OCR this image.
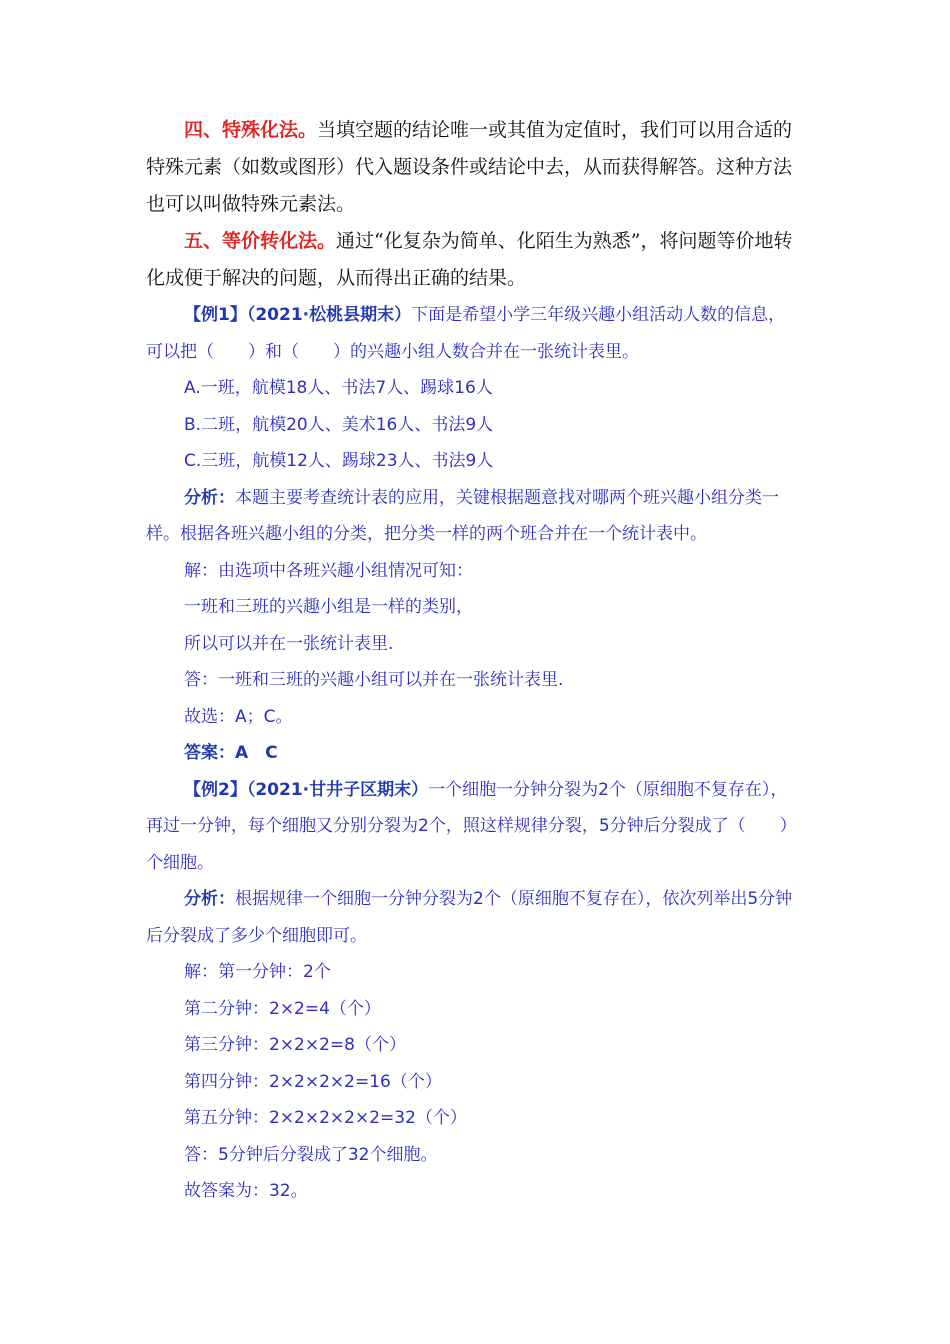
四、特殊化法。当填空题的结论唯一或其值为定值时，我们可以用合适的特殊元素（如数或图形）代入题设条件或结论中去，从而获得解答。这种方法也可以叫做特殊元素法。

五、等价转化法。通过“化复杂为简单、化陌生为熟悉”，将问题等价地转化成便于解决的问题，从而得出正确的结果。

【例1】（2021·松桃县期末）下面是希望小学三年级兴趣小组活动人数的信息，可以把（　　）和（　　）的兴趣小组人数合并在一张统计表里。

A.一班，航模18人、书法7人、踢球16人

B.二班，航模20人、美术16人、书法9人

C.三班，航模12人、踢球23人、书法9人

分析：本题主要考查统计表的应用，关键根据题意找对哪两个班兴趣小组分类一样。根据各班兴趣小组的分类，把分类一样的两个班合并在一个统计表中。

解：由选项中各班兴趣小组情况可知：

一班和三班的兴趣小组是一样的类别，

所以可以并在一张统计表里.

答：一班和三班的兴趣小组可以并在一张统计表里.

故选：A；C。

答案：A　C

【例2】（2021·甘井子区期末）一个细胞一分钟分裂为2个（原细胞不复存在），再过一分钟，每个细胞又分别分裂为2个，照这样规律分裂，5分钟后分裂成了（　　）个细胞。

分析：根据规律一个细胞一分钟分裂为2个（原细胞不复存在），依次列举出5分钟后分裂成了多少个细胞即可。

解：第一分钟：2个

第二分钟：2×2=4（个）

第三分钟：2×2×2=8（个）

第四分钟：2×2×2×2=16（个）

第五分钟：2×2×2×2×2=32（个）

答：5分钟后分裂成了32个细胞。

故答案为：32。
